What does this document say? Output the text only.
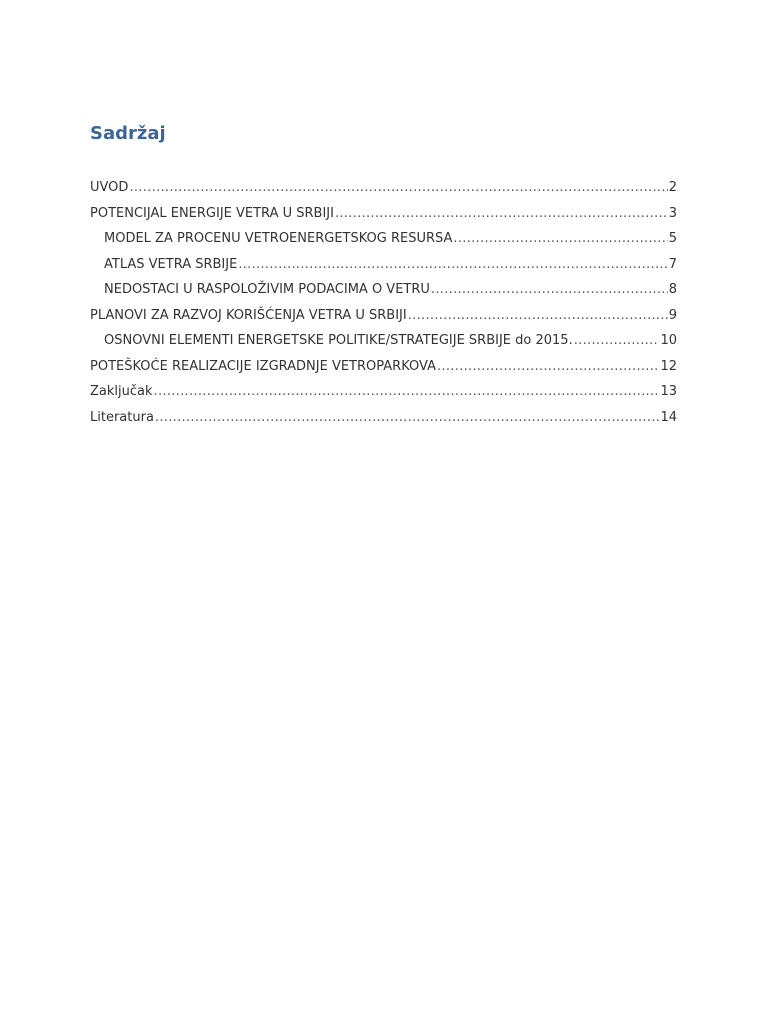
Sadržaj
UVOD .....	2
POTENCIJAL ENERGIJE VETRA U SRBIJI .....	3
MODEL ZA PROCENU VETROENERGETSKOG RESURSA .....	5
ATLAS VETRA SRBIJE .....	7
NEDOSTACI U RASPOLOŽIVIM PODACIMA O VETRU .....	8
PLANOVI ZA RAZVOJ KORIŠĆENJA VETRA U SRBIJI .....	9
OSNOVNI ELEMENTI ENERGETSKE POLITIKE/STRATEGIJE SRBIJE do 2015. .....	10
POTEŠKOĆE REALIZACIJE IZGRADNJE VETROPARKOVA .....	12
Zaključak .....	13
Literatura .....	14
